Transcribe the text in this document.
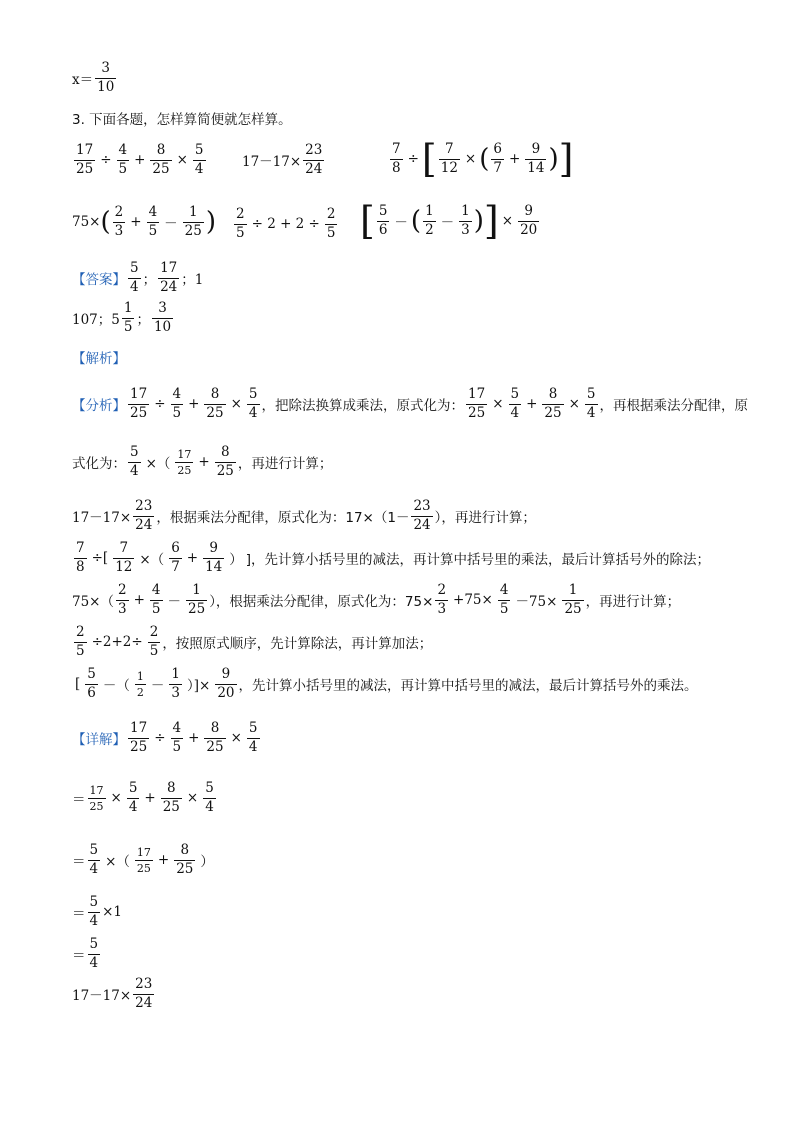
$x= \frac{3}{10}$
3. 下面各题，怎样算简便就怎样算。
$\frac{17}{25} \div \frac{4}{5} + \frac{8}{25} \times \frac{5}{4}$	$17-17\times \frac{23}{24}$	$\frac{7}{8}$ ÷ [ $\frac{7}{12}$ × ( $\frac{6}{7} + \frac{9}{14}$ ) ]
75× ( $\frac{2}{3} + \frac{4}{5} - \frac{1}{25}$ ) $\frac{2}{5} \div 2 + 2 \div \frac{2}{5}$ [ $\frac{5}{6}$ － ( $\frac{1}{2} - \frac{1}{3}$ ) ] × $\frac{9}{20}$
【答案】 $\frac{5}{4}$ ； $\frac{17}{24}$ ；1
107；$5 \frac{1}{5}$ ； $\frac{3}{10}$
【解析】
【分析】 $\frac{17}{25} \div \frac{4}{5} + \frac{8}{25} \times \frac{5}{4}$ ，把除法换算成乘法，原式化为： $\frac{17}{25} \times \frac{5}{4} + \frac{8}{25} \times \frac{5}{4}$ ，再根据乘法分配律，原
式化为： $\frac{5}{4}$ ×（ $\frac{17}{25} + \frac{8}{25}$ ，再进行计算；
$17-17\times \frac{23}{24}$ ，根据乘法分配律，原式化为：$17\times(1- \frac{23}{24}$ ），再进行计算；
$\frac{7}{8}$ ÷[ $\frac{7}{12}$ ×（ $\frac{6}{7} + \frac{9}{14}$ ） ]，先计算小括号里的减法，再计算中括号里的乘法，最后计算括号外的除法；
$75\times( \frac{2}{3} + \frac{4}{5} - \frac{1}{25}$ ），根据乘法分配律，原式化为：$75\times \frac{2}{3} +75\times \frac{4}{5} -75\times \frac{1}{25}$ ，再进行计算；
$\frac{2}{5} \div 2+2\div \frac{2}{5}$ ，按照原式顺序，先计算除法，再计算加法；
[ $\frac{5}{6}$ －（ $\frac{1}{2} - \frac{1}{3}$ ）]× $\frac{9}{20}$ ，先计算小括号里的减法，再计算中括号里的减法，最后计算括号外的乘法。
【详解】 $\frac{17}{25} \div \frac{4}{5} + \frac{8}{25} \times \frac{5}{4}$
＝ $\frac{17}{25} \times \frac{5}{4} + \frac{8}{25} \times \frac{5}{4}$
＝ $\frac{5}{4}$ ×（ $\frac{17}{25} + \frac{8}{25}$ ）
＝ $\frac{5}{4} \times 1$
＝ $\frac{5}{4}$
$17-17\times \frac{23}{24}$
